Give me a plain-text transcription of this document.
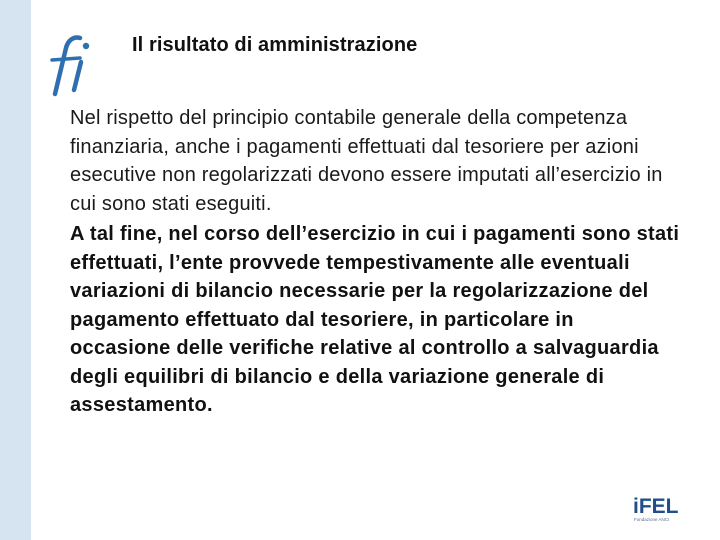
Il risultato di amministrazione

Nel rispetto del principio contabile generale della competenza finanziaria, anche i pagamenti effettuati dal tesoriere per azioni esecutive non regolarizzati devono essere imputati all’esercizio in cui sono stati eseguiti.

A tal fine, nel corso dell’esercizio in cui i pagamenti sono stati effettuati, l’ente provvede tempestivamente alle eventuali variazioni di bilancio necessarie per la regolarizzazione del pagamento effettuato dal tesoriere, in particolare in occasione delle verifiche relative al controllo a salvaguardia degli equilibri di bilancio e della variazione generale di assestamento.

iFEL
Fondazione ANCI
